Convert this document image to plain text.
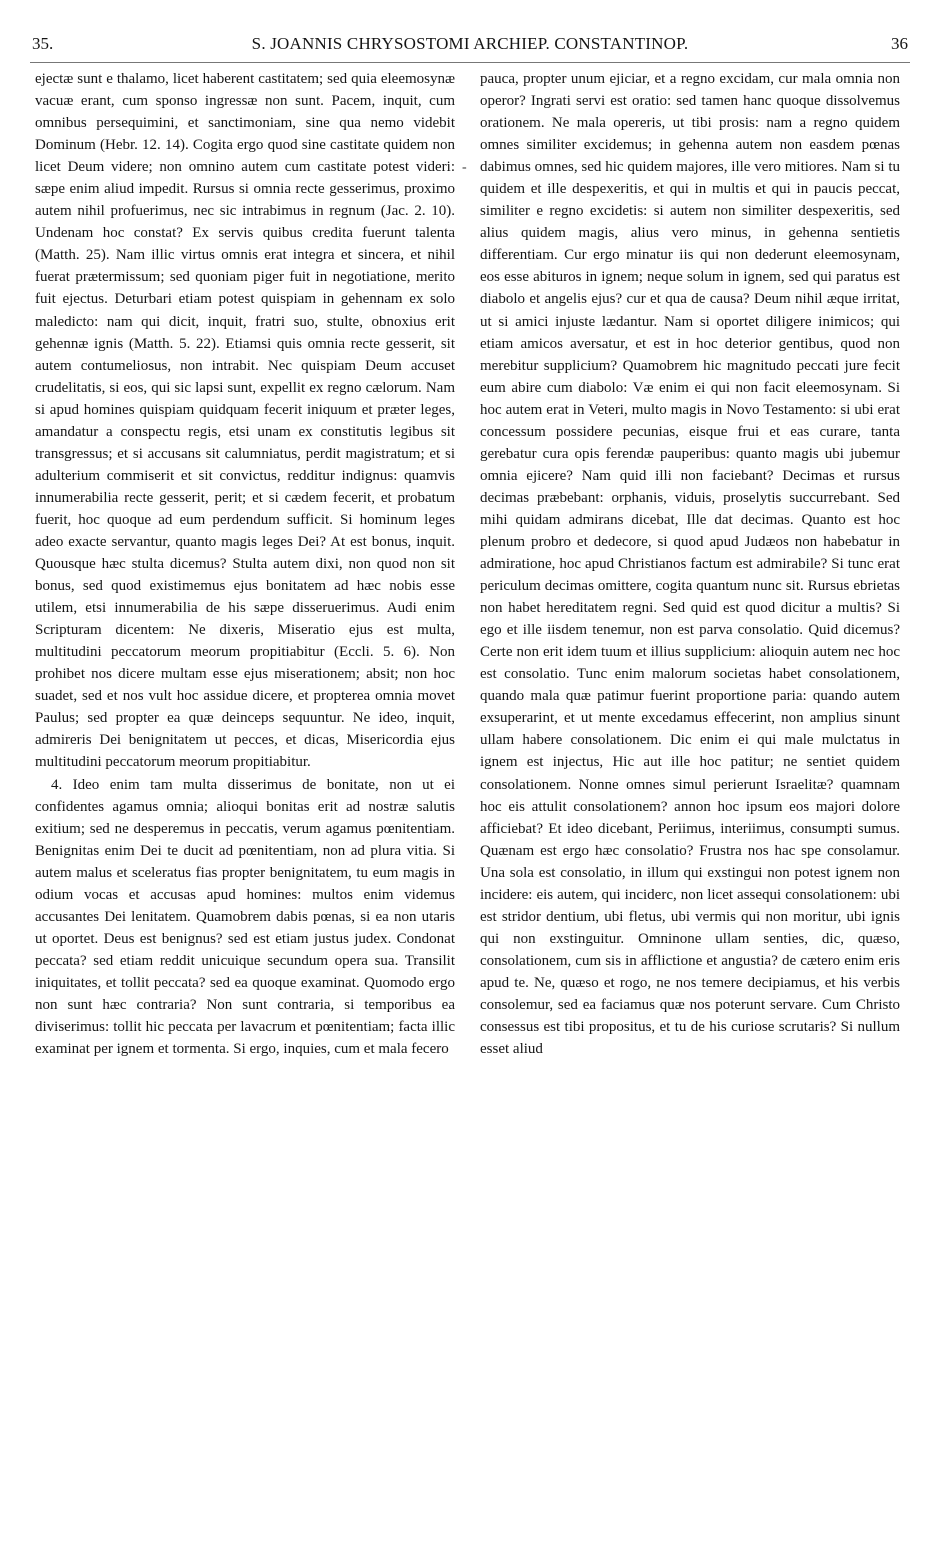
35.	S. JOANNIS CHRYSOSTOMI ARCHIEP. CONSTANTINOP.	36

ejectæ sunt e thalamo, licet haberent castitatem; sed quia eleemosynæ vacuæ erant, cum sponso ingressæ non sunt. Pacem, inquit, cum omnibus persequimini, et sanctimoniam, sine qua nemo videbit Dominum (Hebr. 12. 14). Cogita ergo quod sine castitate quidem non licet Deum videre; non omnino autem cum castitate potest videri: sæpe enim aliud impedit. Rursus si omnia recte gesserimus, proximo autem nihil profuerimus, nec sic intrabimus in regnum (Jac. 2. 10). Undenam hoc constat? Ex servis quibus credita fuerunt talenta (Matth. 25). Nam illic virtus omnis erat integra et sincera, et nihil fuerat prætermissum; sed quoniam piger fuit in negotiatione, merito fuit ejectus. Deturbari etiam potest quispiam in gehennam ex solo maledicto: nam qui dicit, inquit, fratri suo, stulte, obnoxius erit gehennæ ignis (Matth. 5. 22). Etiamsi quis omnia recte gesserit, sit autem contumeliosus, non intrabit. Nec quispiam Deum accuset crudelitatis, si eos, qui sic lapsi sunt, expellit ex regno cælorum. Nam si apud homines quispiam quidquam fecerit iniquum et præter leges, amandatur a conspectu regis, etsi unam ex constitutis legibus sit transgressus; et si accusans sit calumniatus, perdit magistratum; et si adulterium commiserit et sit convictus, redditur indignus: quamvis innumerabilia recte gesserit, perit; et si cædem fecerit, et probatum fuerit, hoc quoque ad eum perdendum sufficit. Si hominum leges adeo exacte servantur, quanto magis leges Dei? At est bonus, inquit. Quousque hæc stulta dicemus? Stulta autem dixi, non quod non sit bonus, sed quod existimemus ejus bonitatem ad hæc nobis esse utilem, etsi innumerabilia de his sæpe disseruerimus. Audi enim Scripturam dicentem: Ne dixeris, Miseratio ejus est multa, multitudini peccatorum meorum propitiabitur (Eccli. 5. 6). Non prohibet nos dicere multam esse ejus miserationem; absit; non hoc suadet, sed et nos vult hoc assidue dicere, et propterea omnia movet Paulus; sed propter ea quæ deinceps sequuntur. Ne ideo, inquit, admireris Dei benignitatem ut pecces, et dicas, Misericordia ejus multitudini peccatorum meorum propitiabitur.

4. Ideo enim tam multa disserimus de bonitate, non ut ei confidentes agamus omnia; alioqui bonitas erit ad nostræ salutis exitium; sed ne desperemus in peccatis, verum agamus pœnitentiam. Benignitas enim Dei te ducit ad pœnitentiam, non ad plura vitia. Si autem malus et sceleratus fias propter benignitatem, tu eum magis in odium vocas et accusas apud homines: multos enim videmus accusantes Dei lenitatem. Quamobrem dabis pœnas, si ea non utaris ut oportet. Deus est benignus? sed est etiam justus judex. Condonat peccata? sed etiam reddit unicuique secundum opera sua. Transilit iniquitates, et tollit peccata? sed ea quoque examinat. Quomodo ergo non sunt hæc contraria? Non sunt contraria, si temporibus ea diviserimus: tollit hic peccata per lavacrum et pœnitentiam; facta illic examinat per ignem et tormenta. Si ergo, inquies, cum et mala fecero

-

pauca, propter unum ejiciar, et a regno excidam, cur mala omnia non operor? Ingrati servi est oratio: sed tamen hanc quoque dissolvemus orationem. Ne mala opereris, ut tibi prosis: nam a regno quidem omnes similiter excidemus; in gehenna autem non easdem pœnas dabimus omnes, sed hic quidem majores, ille vero mitiores. Nam si tu quidem et ille despexeritis, et qui in multis et qui in paucis peccat, similiter e regno excidetis: si autem non similiter despexeritis, sed alius quidem magis, alius vero minus, in gehenna sentietis differentiam. Cur ergo minatur iis qui non dederunt eleemosynam, eos esse abituros in ignem; neque solum in ignem, sed qui paratus est diabolo et angelis ejus? cur et qua de causa? Deum nihil æque irritat, ut si amici injuste lædantur. Nam si oportet diligere inimicos; qui etiam amicos aversatur, et est in hoc deterior gentibus, quod non merebitur supplicium? Quamobrem hic magnitudo peccati jure fecit eum abire cum diabolo: Væ enim ei qui non facit eleemosynam. Si hoc autem erat in Veteri, multo magis in Novo Testamento: si ubi erat concessum possidere pecunias, eisque frui et eas curare, tanta gerebatur cura opis ferendæ pauperibus: quanto magis ubi jubemur omnia ejicere? Nam quid illi non faciebant? Decimas et rursus decimas præbebant: orphanis, viduis, proselytis succurrebant. Sed mihi quidam admirans dicebat, Ille dat decimas. Quanto est hoc plenum probro et dedecore, si quod apud Judæos non habebatur in admiratione, hoc apud Christianos factum est admirabile? Si tunc erat periculum decimas omittere, cogita quantum nunc sit. Rursus ebrietas non habet hereditatem regni. Sed quid est quod dicitur a multis? Si ego et ille iisdem tenemur, non est parva consolatio. Quid dicemus? Certe non erit idem tuum et illius supplicium: alioquin autem nec hoc est consolatio. Tunc enim malorum societas habet consolationem, quando mala quæ patimur fuerint proportione paria: quando autem exsuperarint, et ut mente excedamus effecerint, non amplius sinunt ullam habere consolationem. Dic enim ei qui male mulctatus in ignem est injectus, Hic aut ille hoc patitur; ne sentiet quidem consolationem. Nonne omnes simul perierunt Israelitæ? quamnam hoc eis attulit consolationem? annon hoc ipsum eos majori dolore afficiebat? Et ideo dicebant, Periimus, interiimus, consumpti sumus. Quænam est ergo hæc consolatio? Frustra nos hac spe consolamur. Una sola est consolatio, in illum qui exstingui non potest ignem non incidere: eis autem, qui inciderc, non licet assequi consolationem: ubi est stridor dentium, ubi fletus, ubi vermis qui non moritur, ubi ignis qui non exstinguitur. Omninone ullam senties, dic, quæso, consolationem, cum sis in afflictione et angustia? de cætero enim eris apud te. Ne, quæso et rogo, ne nos temere decipiamus, et his verbis consolemur, sed ea faciamus quæ nos poterunt servare. Cum Christo consessus est tibi propositus, et tu de his curiose scrutaris? Si nullum esset aliud
